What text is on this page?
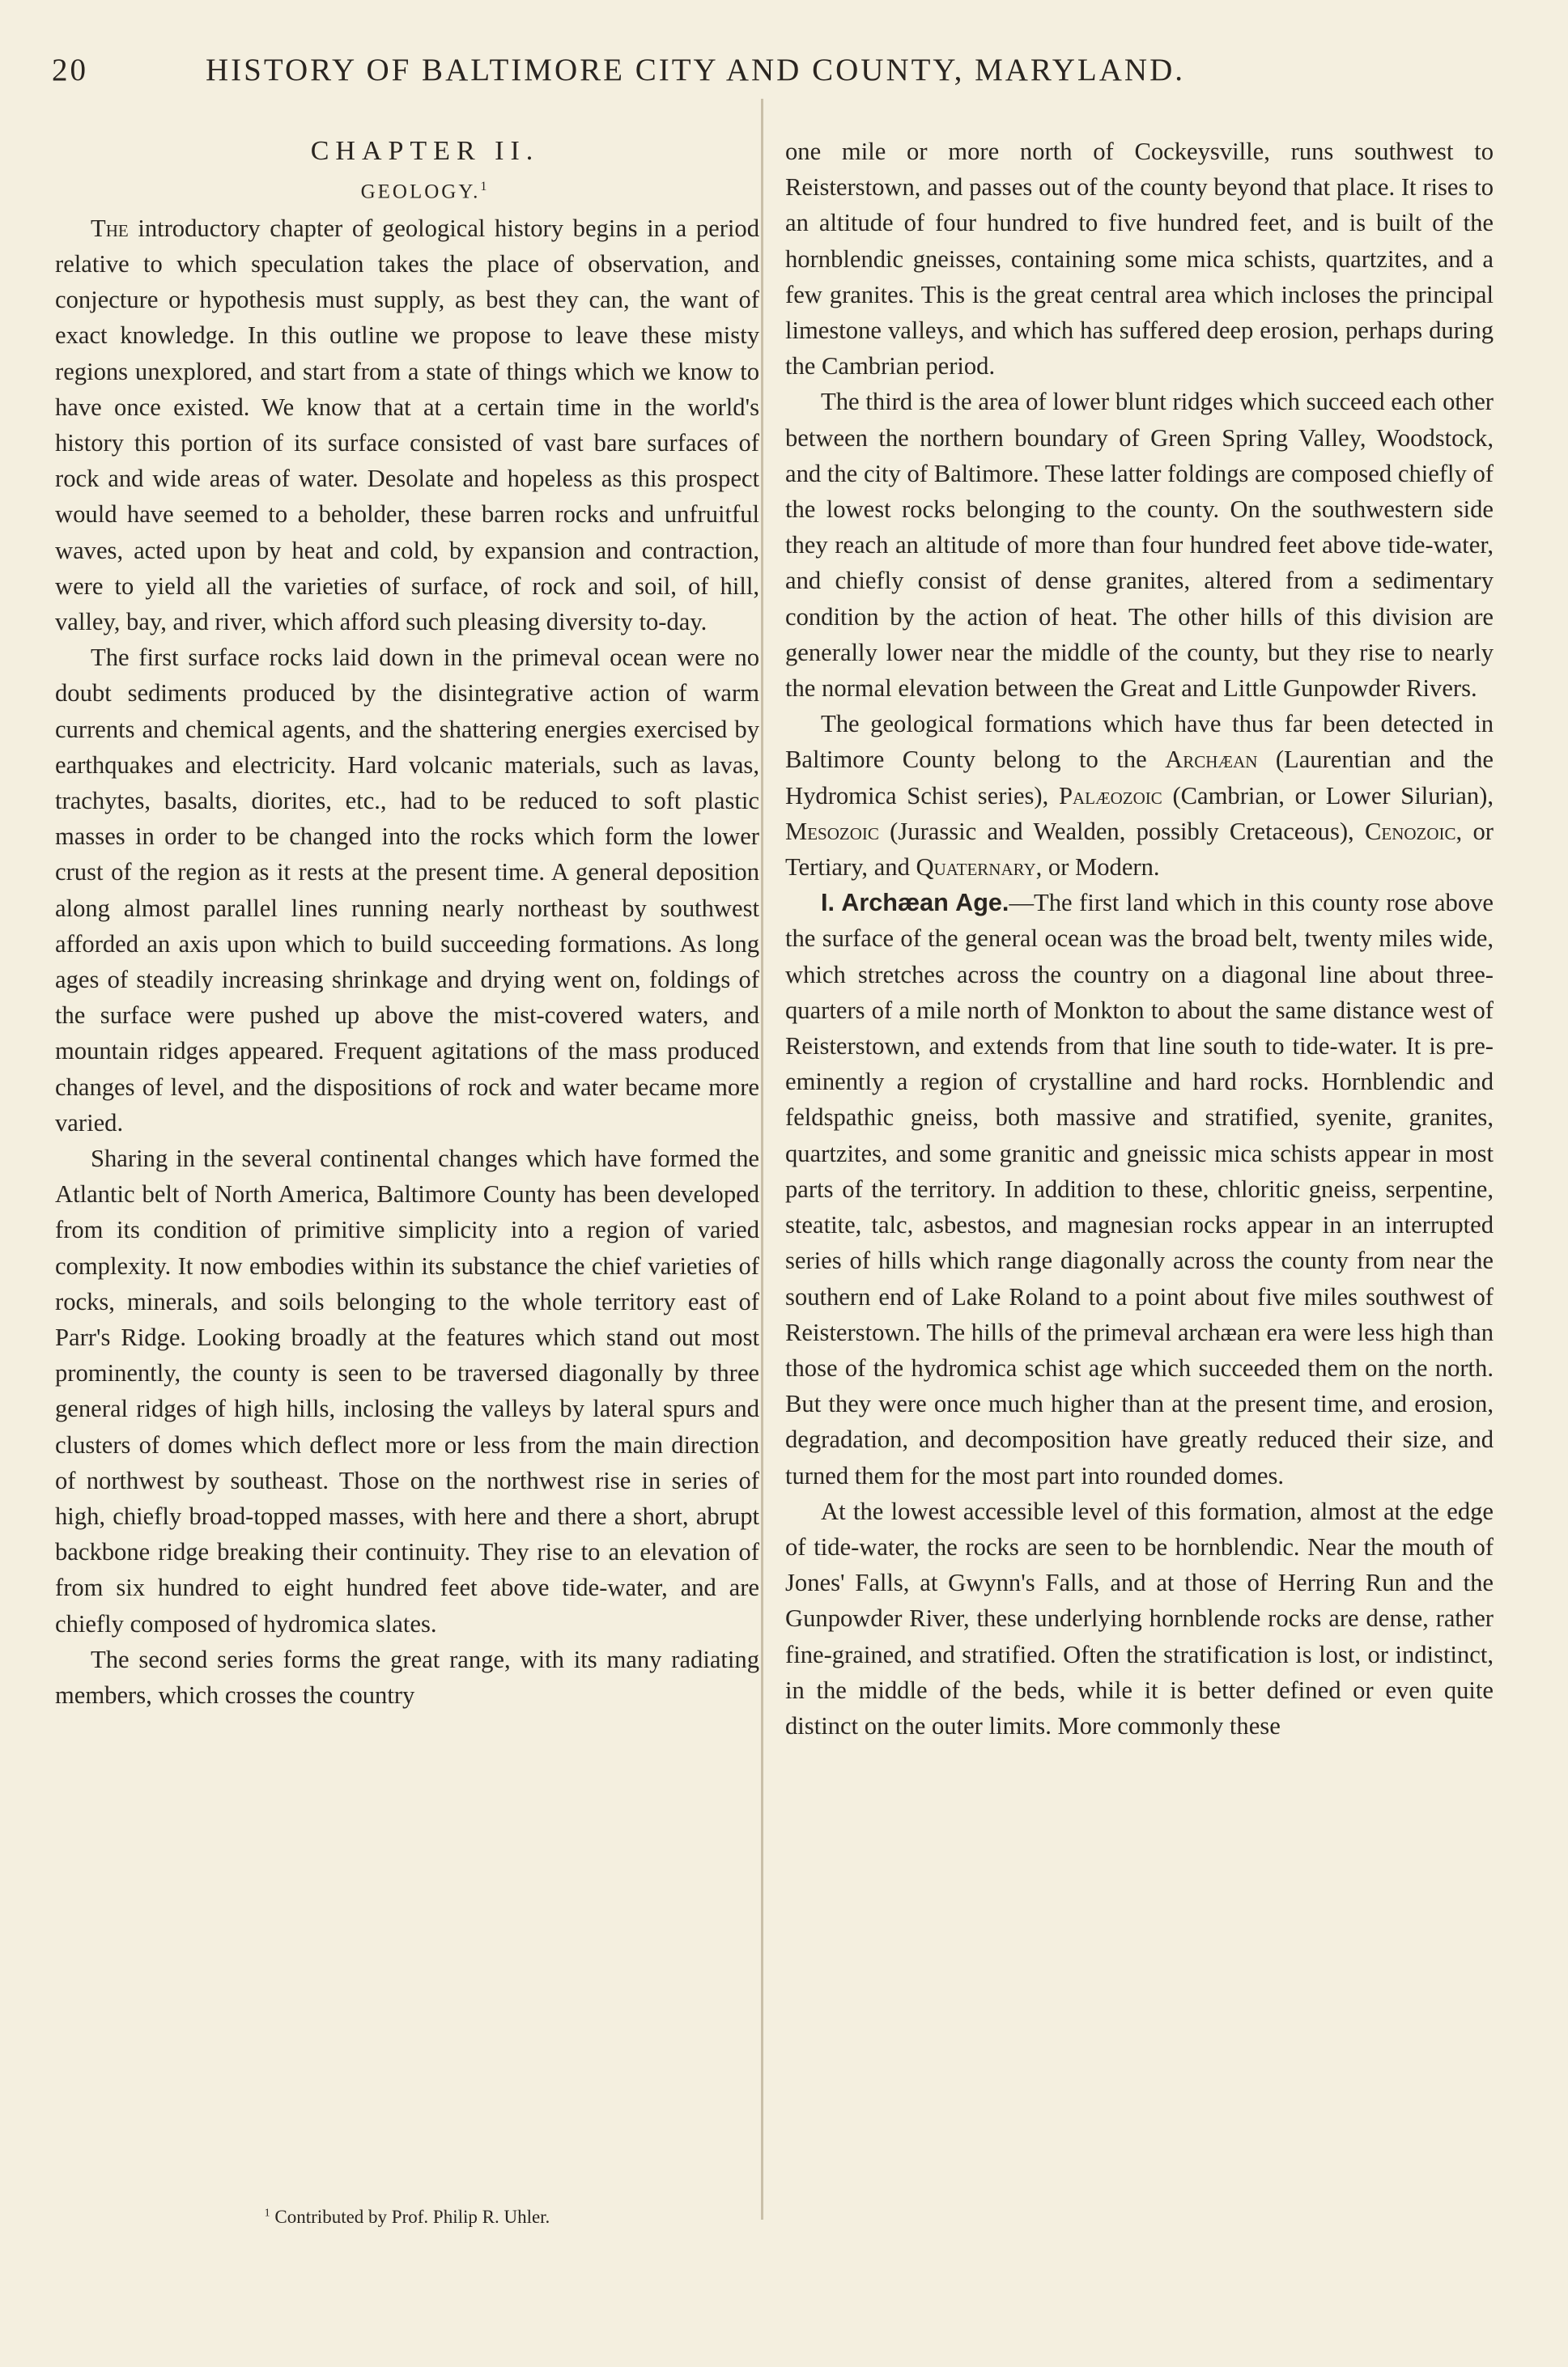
20	HISTORY OF BALTIMORE CITY AND COUNTY, MARYLAND.

CHAPTER II.

GEOLOGY.$^1$

The introductory chapter of geological history begins in a period relative to which speculation takes the place of observation, and conjecture or hypothesis must supply, as best they can, the want of exact knowledge. In this outline we propose to leave these misty regions unexplored, and start from a state of things which we know to have once existed. We know that at a certain time in the world's history this portion of its surface consisted of vast bare surfaces of rock and wide areas of water. Desolate and hopeless as this prospect would have seemed to a beholder, these barren rocks and unfruitful waves, acted upon by heat and cold, by expansion and contraction, were to yield all the varieties of surface, of rock and soil, of hill, valley, bay, and river, which afford such pleasing diversity to-day.

The first surface rocks laid down in the primeval ocean were no doubt sediments produced by the disintegrative action of warm currents and chemical agents, and the shattering energies exercised by earthquakes and electricity. Hard volcanic materials, such as lavas, trachytes, basalts, diorites, etc., had to be reduced to soft plastic masses in order to be changed into the rocks which form the lower crust of the region as it rests at the present time. A general deposition along almost parallel lines running nearly northeast by southwest afforded an axis upon which to build succeeding formations. As long ages of steadily increasing shrinkage and drying went on, foldings of the surface were pushed up above the mist-covered waters, and mountain ridges appeared. Frequent agitations of the mass produced changes of level, and the dispositions of rock and water became more varied.

Sharing in the several continental changes which have formed the Atlantic belt of North America, Baltimore County has been developed from its condition of primitive simplicity into a region of varied complexity. It now embodies within its substance the chief varieties of rocks, minerals, and soils belonging to the whole territory east of Parr's Ridge. Looking broadly at the features which stand out most prominently, the county is seen to be traversed diagonally by three general ridges of high hills, inclosing the valleys by lateral spurs and clusters of domes which deflect more or less from the main direction of northwest by southeast. Those on the northwest rise in series of high, chiefly broad-topped masses, with here and there a short, abrupt backbone ridge breaking their continuity. They rise to an elevation of from six hundred to eight hundred feet above tide-water, and are chiefly composed of hydromica slates.

The second series forms the great range, with its many radiating members, which crosses the country

$^1$ Contributed by Prof. Philip R. Uhler.

one mile or more north of Cockeysville, runs southwest to Reisterstown, and passes out of the county beyond that place. It rises to an altitude of four hundred to five hundred feet, and is built of the hornblendic gneisses, containing some mica schists, quartzites, and a few granites. This is the great central area which incloses the principal limestone valleys, and which has suffered deep erosion, perhaps during the Cambrian period.

The third is the area of lower blunt ridges which succeed each other between the northern boundary of Green Spring Valley, Woodstock, and the city of Baltimore. These latter foldings are composed chiefly of the lowest rocks belonging to the county. On the southwestern side they reach an altitude of more than four hundred feet above tide-water, and chiefly consist of dense granites, altered from a sedimentary condition by the action of heat. The other hills of this division are generally lower near the middle of the county, but they rise to nearly the normal elevation between the Great and Little Gunpowder Rivers.

The geological formations which have thus far been detected in Baltimore County belong to the Archæan (Laurentian and the Hydromica Schist series), Palæozoic (Cambrian, or Lower Silurian), Mesozoic (Jurassic and Wealden, possibly Cretaceous), Cenozoic, or Tertiary, and Quaternary, or Modern.

I. Archæan Age.—The first land which in this county rose above the surface of the general ocean was the broad belt, twenty miles wide, which stretches across the country on a diagonal line about three-quarters of a mile north of Monkton to about the same distance west of Reisterstown, and extends from that line south to tide-water. It is pre-eminently a region of crystalline and hard rocks. Hornblendic and feldspathic gneiss, both massive and stratified, syenite, granites, quartzites, and some granitic and gneissic mica schists appear in most parts of the territory. In addition to these, chloritic gneiss, serpentine, steatite, talc, asbestos, and magnesian rocks appear in an interrupted series of hills which range diagonally across the county from near the southern end of Lake Roland to a point about five miles southwest of Reisterstown. The hills of the primeval archæan era were less high than those of the hydromica schist age which succeeded them on the north. But they were once much higher than at the present time, and erosion, degradation, and decomposition have greatly reduced their size, and turned them for the most part into rounded domes.

At the lowest accessible level of this formation, almost at the edge of tide-water, the rocks are seen to be hornblendic. Near the mouth of Jones' Falls, at Gwynn's Falls, and at those of Herring Run and the Gunpowder River, these underlying hornblende rocks are dense, rather fine-grained, and stratified. Often the stratification is lost, or indistinct, in the middle of the beds, while it is better defined or even quite distinct on the outer limits. More commonly these
